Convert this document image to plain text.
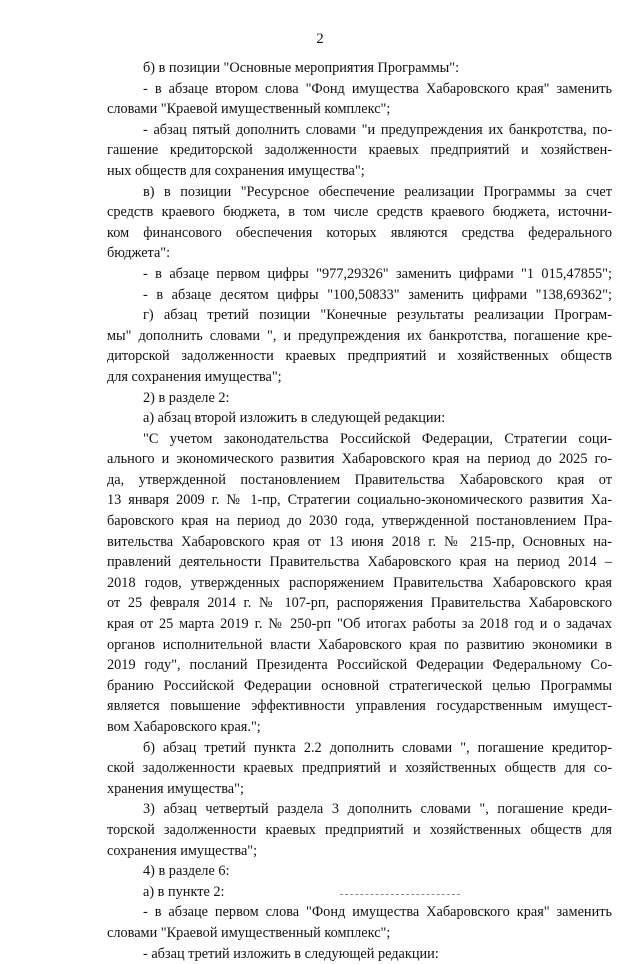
2
б) в позиции "Основные мероприятия Программы":
- в абзаце втором слова "Фонд имущества Хабаровского края" заменить
словами "Краевой имущественный комплекс";
- абзац пятый дополнить словами "и предупреждения их банкротства, по-
гашение кредиторской задолженности краевых предприятий и хозяйствен-
ных обществ для сохранения имущества";
в) в позиции "Ресурсное обеспечение реализации Программы за счет
средств краевого бюджета, в том числе средств краевого бюджета, источни-
ком финансового обеспечения которых являются средства федерального
бюджета":
- в абзаце первом цифры "977,29326" заменить цифрами "1 015,47855";
- в абзаце десятом цифры "100,50833" заменить цифрами "138,69362";
г) абзац третий позиции "Конечные результаты реализации Програм-
мы" дополнить словами ", и предупреждения их банкротства, погашение кре-
диторской задолженности краевых предприятий и хозяйственных обществ
для сохранения имущества";
2) в разделе 2:
а) абзац второй изложить в следующей редакции:
"С учетом законодательства Российской Федерации, Стратегии соци-
ального и экономического развития Хабаровского края на период до 2025 го-
да, утвержденной постановлением Правительства Хабаровского края от
13 января 2009 г. № 1-пр, Стратегии социально-экономического развития Ха-
баровского края на период до 2030 года, утвержденной постановлением Пра-
вительства Хабаровского края от 13 июня 2018 г. № 215-пр, Основных на-
правлений деятельности Правительства Хабаровского края на период 2014 –
2018 годов, утвержденных распоряжением Правительства Хабаровского края
от 25 февраля 2014 г. № 107-рп, распоряжения Правительства Хабаровского
края от 25 марта 2019 г. № 250-рп "Об итогах работы за 2018 год и о задачах
органов исполнительной власти Хабаровского края по развитию экономики в
2019 году", посланий Президента Российской Федерации Федеральному Со-
бранию Российской Федерации основной стратегической целью Программы
является повышение эффективности управления государственным имущест-
вом Хабаровского края.";
б) абзац третий пункта 2.2 дополнить словами ", погашение кредитор-
ской задолженности краевых предприятий и хозяйственных обществ для со-
хранения имущества";
3) абзац четвертый раздела 3 дополнить словами ", погашение креди-
торской задолженности краевых предприятий и хозяйственных обществ для
сохранения имущества";
4) в разделе 6:
а) в пункте 2:
- в абзаце первом слова "Фонд имущества Хабаровского края" заменить
словами "Краевой имущественный комплекс";
- абзац третий изложить в следующей редакции:
